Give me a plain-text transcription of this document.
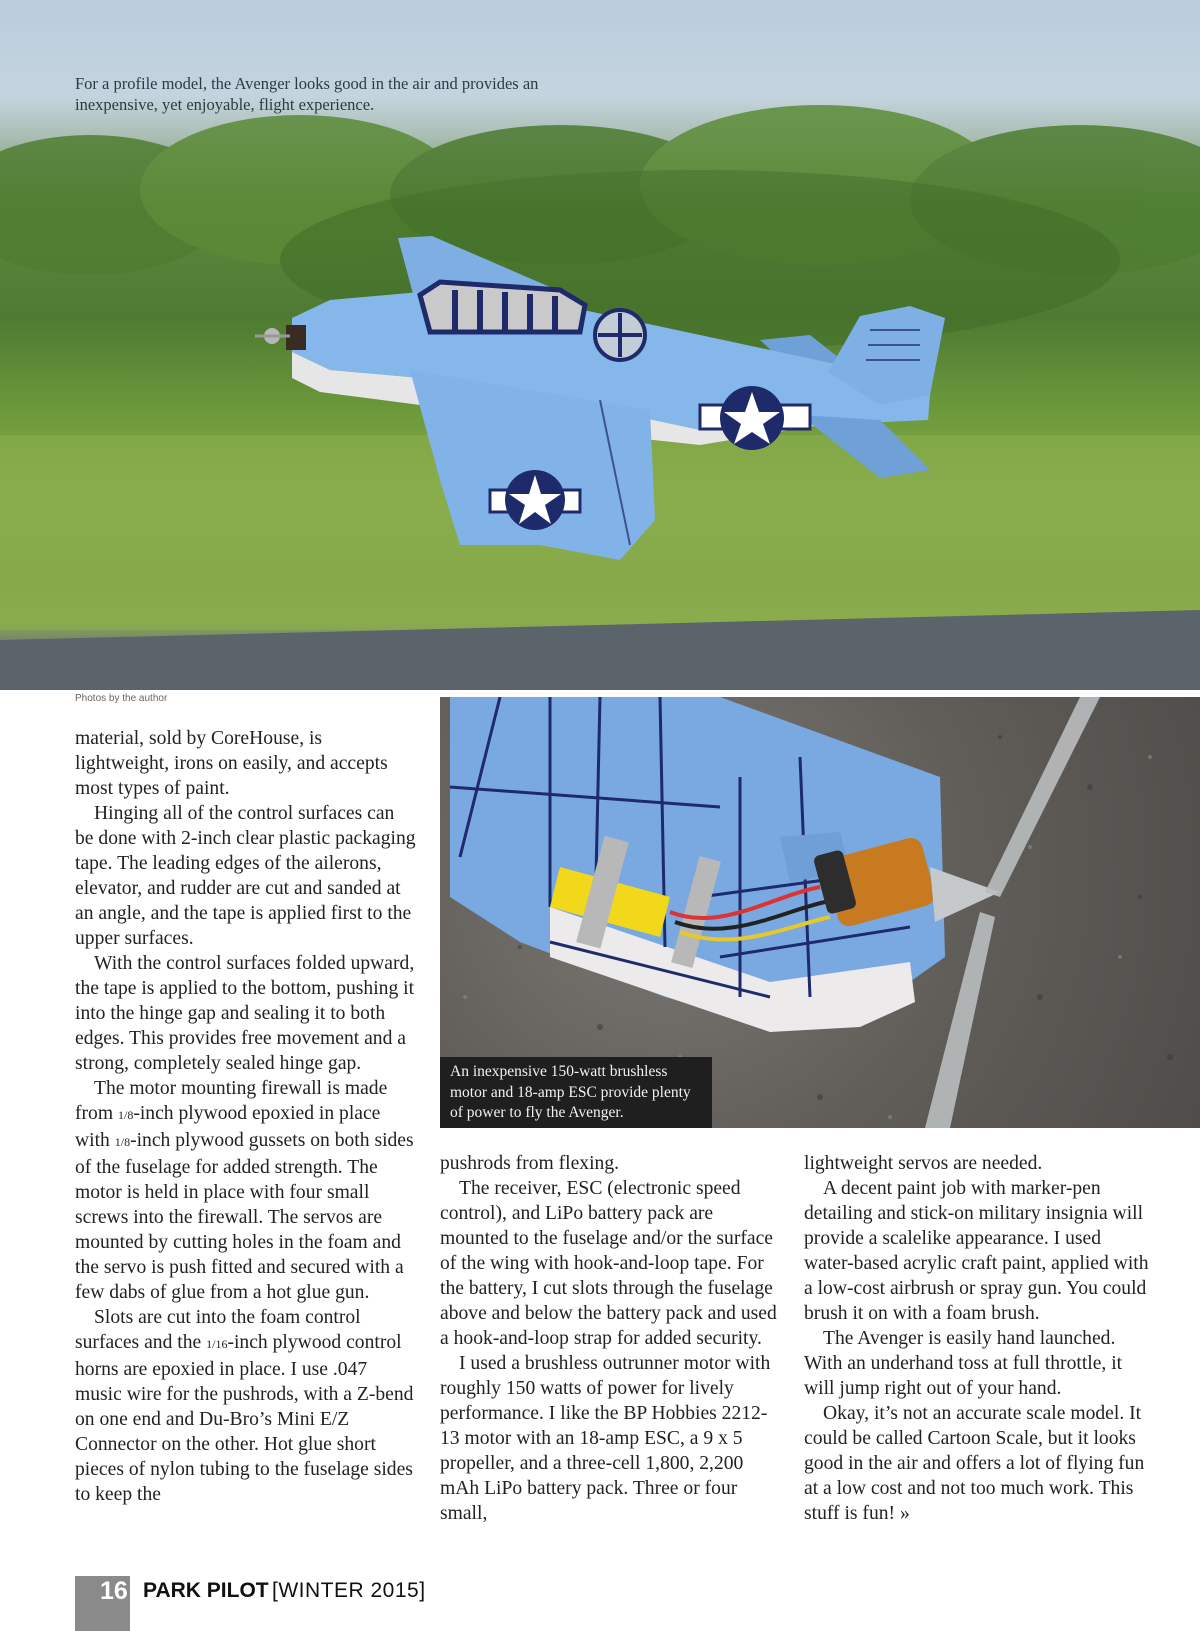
For a profile model, the Avenger looks good in the air and provides an inexpensive, yet enjoyable, flight experience.
Photos by the author
An inexpensive 150-watt brushless motor and 18-amp ESC provide plenty of power to fly the Avenger.

material, sold by CoreHouse, is lightweight, irons on easily, and accepts most types of paint.

Hinging all of the control surfaces can be done with 2-inch clear plastic packaging tape. The leading edges of the ailerons, elevator, and rudder are cut and sanded at an angle, and the tape is applied first to the upper surfaces.

With the control surfaces folded upward, the tape is applied to the bottom, pushing it into the hinge gap and sealing it to both edges. This provides free movement and a strong, completely sealed hinge gap.

The motor mounting firewall is made from 1/8-inch plywood epoxied in place with 1/8-inch plywood gussets on both sides of the fuselage for added strength. The motor is held in place with four small screws into the firewall. The servos are mounted by cutting holes in the foam and the servo is push fitted and secured with a few dabs of glue from a hot glue gun.

Slots are cut into the foam control surfaces and the 1/16-inch plywood control horns are epoxied in place. I use .047 music wire for the pushrods, with a Z-bend on one end and Du-Bro’s Mini E/Z Connector on the other. Hot glue short pieces of nylon tubing to the fuselage sides to keep the

pushrods from flexing.

The receiver, ESC (electronic speed control), and LiPo battery pack are mounted to the fuselage and/or the surface of the wing with hook-and-loop tape. For the battery, I cut slots through the fuselage above and below the battery pack and used a hook-and-loop strap for added security.

I used a brushless outrunner motor with roughly 150 watts of power for lively performance. I like the BP Hobbies 2212-13 motor with an 18-amp ESC, a 9 x 5 propeller, and a three-cell 1,800, 2,200 mAh LiPo battery pack. Three or four small,

lightweight servos are needed.

A decent paint job with marker-pen detailing and stick-on military insignia will provide a scalelike appearance. I used water-based acrylic craft paint, applied with a low-cost airbrush or spray gun. You could brush it on with a foam brush.

The Avenger is easily hand launched. With an underhand toss at full throttle, it will jump right out of your hand.

Okay, it’s not an accurate scale model. It could be called Cartoon Scale, but it looks good in the air and offers a lot of flying fun at a low cost and not too much work. This stuff is fun! »

16 PARK PILOT [WINTER 2015]
